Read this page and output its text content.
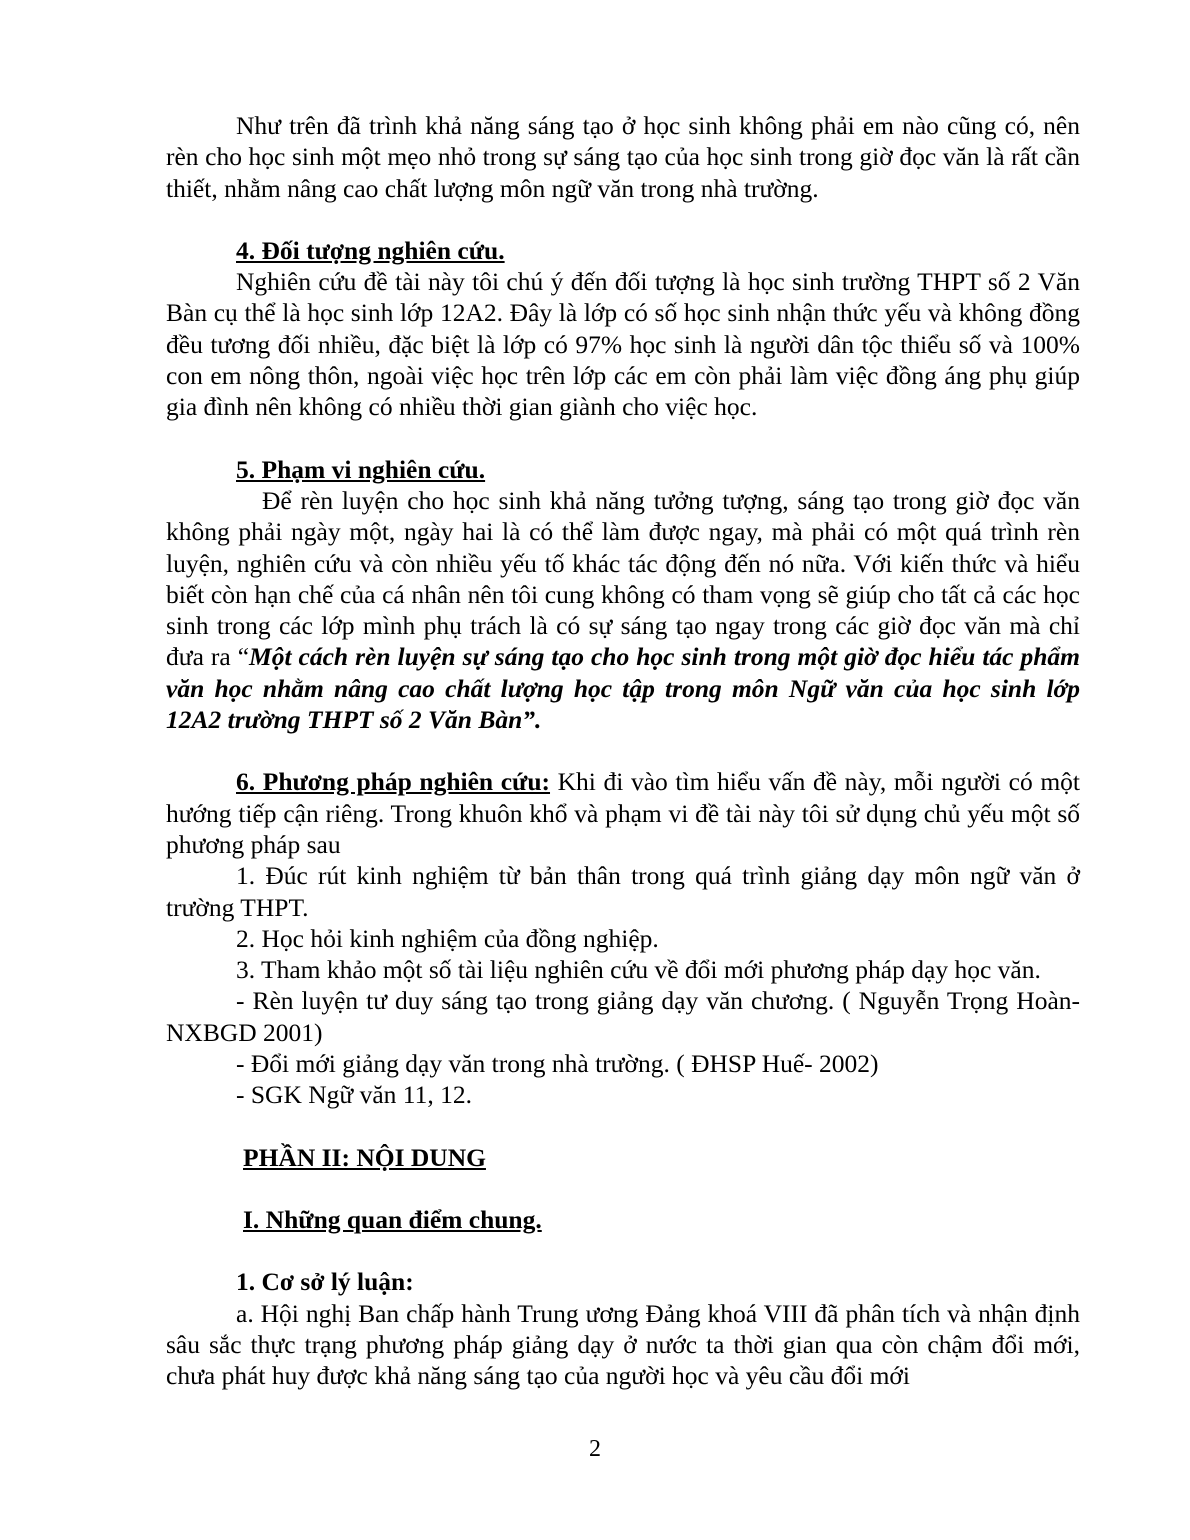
Như trên đã trình khả năng sáng tạo ở học sinh không phải em nào cũng có, nên rèn cho học sinh một mẹo nhỏ trong sự sáng tạo của học sinh trong giờ đọc văn là rất cần thiết, nhằm nâng cao chất lượng môn ngữ văn trong nhà trường.

4. Đối tượng nghiên cứu.

Nghiên cứu đề tài này tôi chú ý đến đối tượng là học sinh trường THPT số 2 Văn Bàn cụ thể là học sinh lớp 12A2. Đây là lớp có số học sinh nhận thức yếu và không đồng đều tương đối nhiều, đặc biệt là lớp có 97% học sinh là người dân tộc thiểu số và 100% con em nông thôn, ngoài việc học trên lớp các em còn phải làm việc đồng áng phụ giúp gia đình nên không có nhiều thời gian giành cho việc học.

5. Phạm vi nghiên cứu.

Để rèn luyện cho học sinh khả năng tưởng tượng, sáng tạo trong giờ đọc văn không phải ngày một, ngày hai là có thể làm được ngay, mà phải có một quá trình rèn luyện, nghiên cứu và còn nhiều yếu tố khác tác động đến nó nữa. Với kiến thức và hiểu biết còn hạn chế của cá nhân nên tôi cung không có tham vọng sẽ giúp cho tất cả các học sinh trong các lớp mình phụ trách là có sự sáng tạo ngay trong các giờ đọc văn mà chỉ đưa ra “Một cách rèn luyện sự sáng tạo cho học sinh trong một giờ đọc hiểu tác phẩm văn học nhằm nâng cao chất lượng học tập trong môn Ngữ văn của học sinh lớp 12A2 trường THPT số 2 Văn Bàn”.

6. Phương pháp nghiên cứu: Khi đi vào tìm hiểu vấn đề này, mỗi người có một hướng tiếp cận riêng. Trong khuôn khổ và phạm vi đề tài này tôi sử dụng chủ yếu một số phương pháp sau

1. Đúc rút kinh nghiệm từ bản thân trong quá trình giảng dạy môn ngữ văn ở trường THPT.

2. Học hỏi kinh nghiệm của đồng nghiệp.

3. Tham khảo một số tài liệu nghiên cứu về đổi mới phương pháp dạy học văn.

- Rèn luyện tư duy sáng tạo trong giảng dạy văn chương. ( Nguyễn Trọng Hoàn- NXBGD 2001)

- Đổi mới giảng dạy văn trong nhà trường. ( ĐHSP Huế- 2002)

- SGK Ngữ văn 11, 12.

PHẦN II: NỘI DUNG

I. Những quan điểm chung.

1. Cơ sở lý luận:

a. Hội nghị Ban chấp hành Trung ương Đảng khoá VIII đã phân tích và nhận định sâu sắc thực trạng phương pháp giảng dạy ở nước ta thời gian qua còn chậm đổi mới, chưa phát huy được khả năng sáng tạo của người học và yêu cầu đổi mới

2
